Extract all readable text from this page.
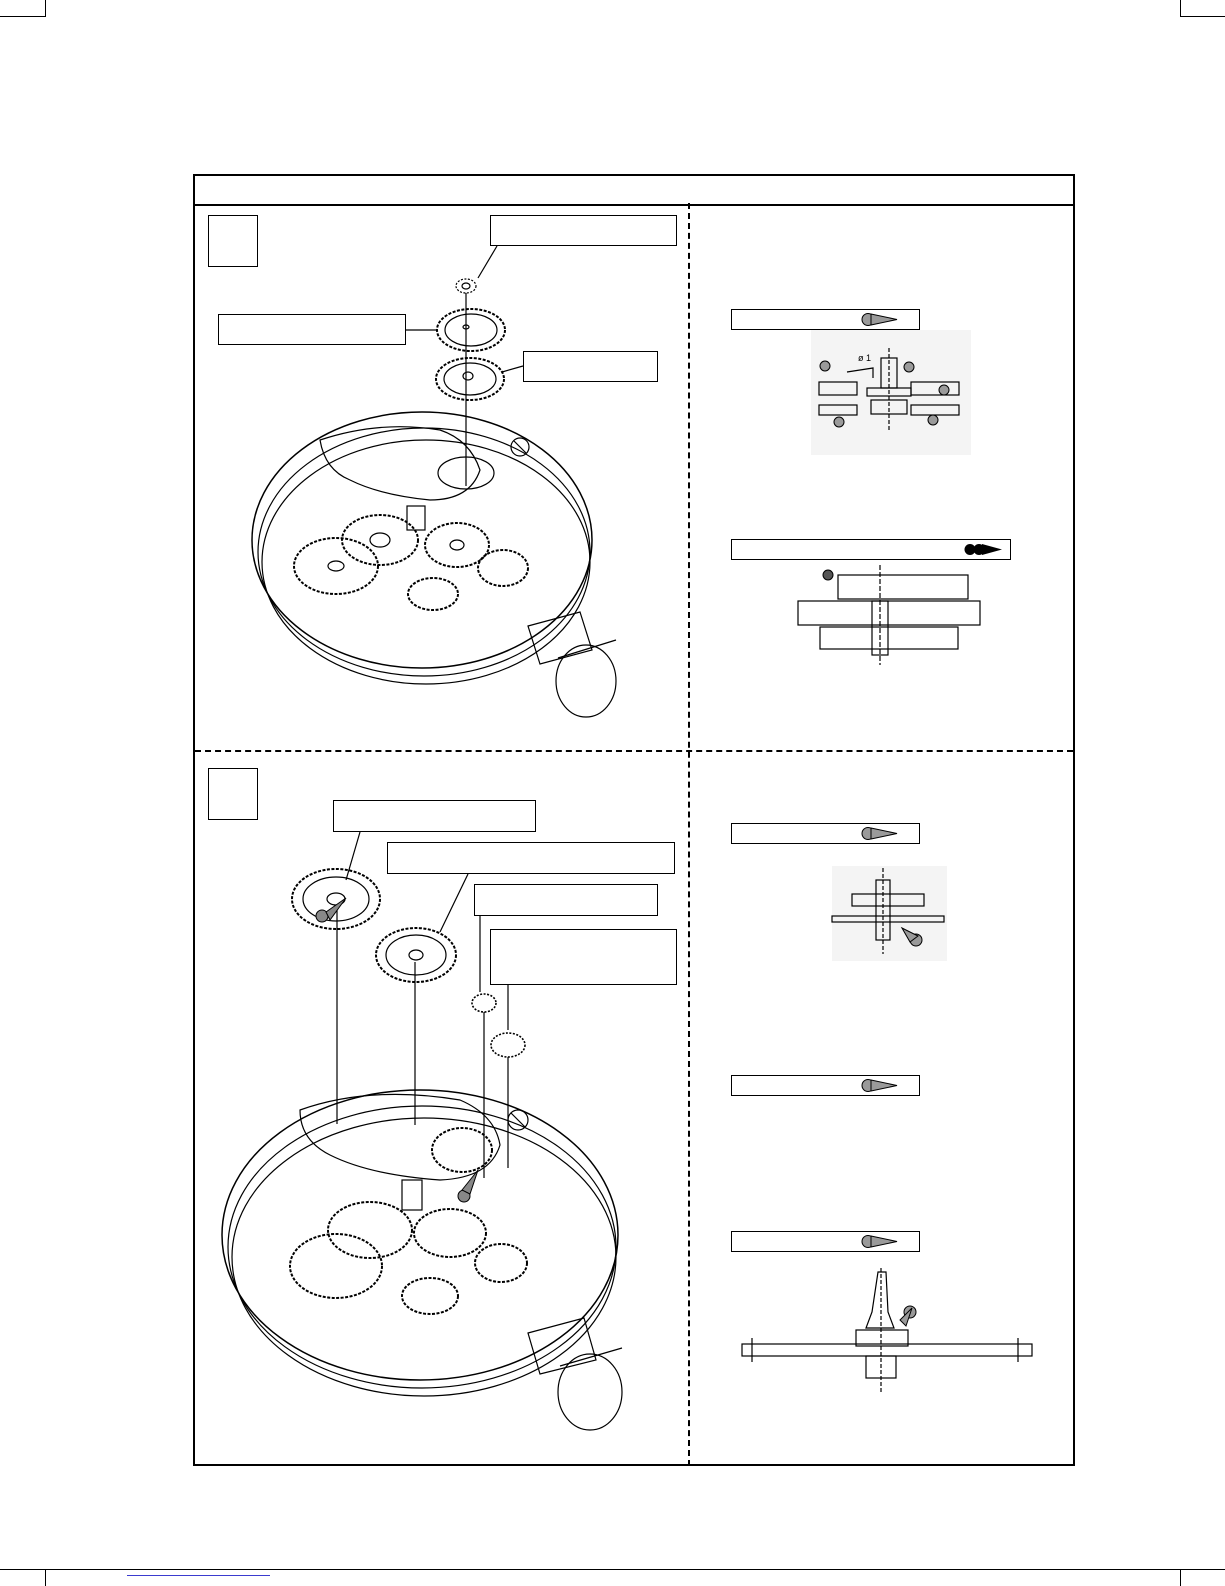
ø 1
